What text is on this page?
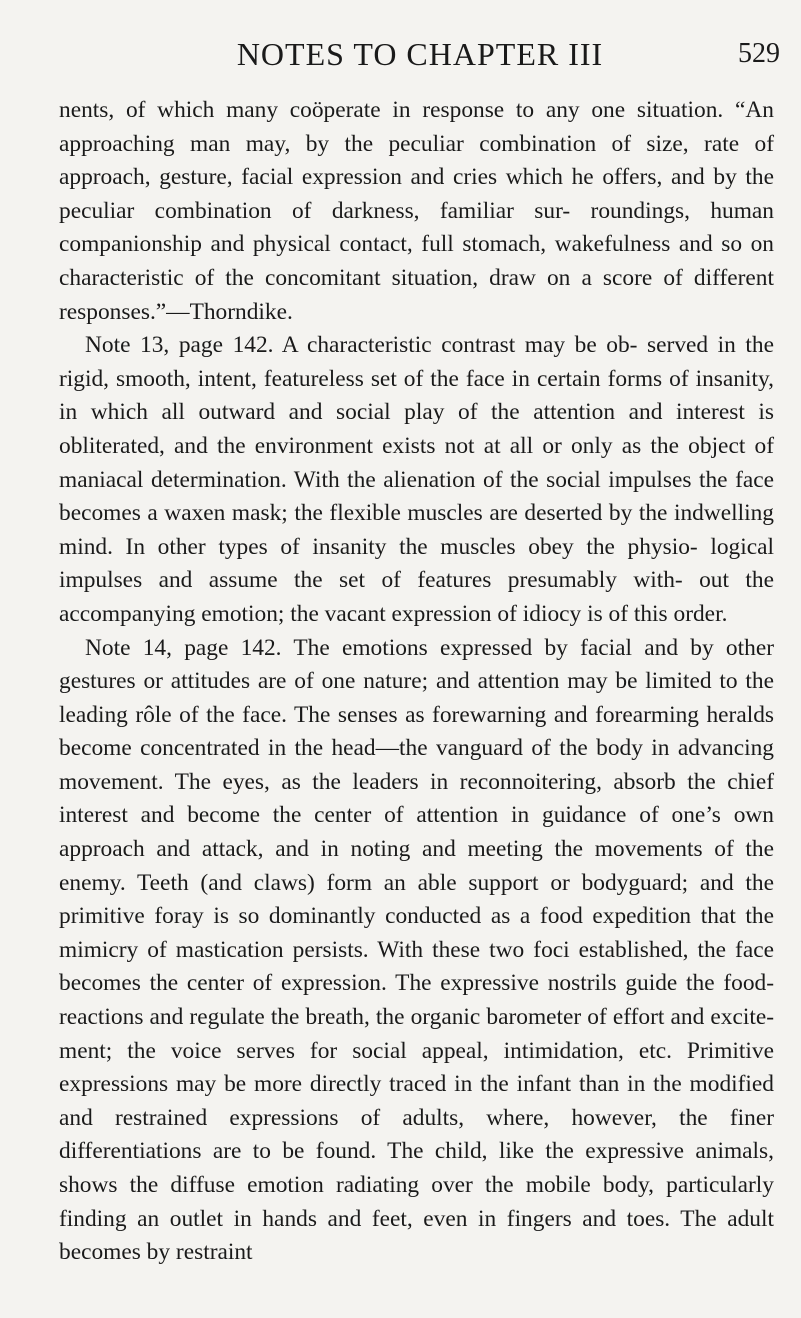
NOTES TO CHAPTER III	529

nents, of which many coöperate in response to any one situation. “An approaching man may, by the peculiar combination of size, rate of approach, gesture, facial expression and cries which he offers, and by the peculiar combination of darkness, familiar sur- roundings, human companionship and physical contact, full stomach, wakefulness and so on characteristic of the concomitant situation, draw on a score of different responses.”—Thorndike.

Note 13, page 142. A characteristic contrast may be ob- served in the rigid, smooth, intent, featureless set of the face in certain forms of insanity, in which all outward and social play of the attention and interest is obliterated, and the environment exists not at all or only as the object of maniacal determination. With the alienation of the social impulses the face becomes a waxen mask; the flexible muscles are deserted by the indwelling mind. In other types of insanity the muscles obey the physio- logical impulses and assume the set of features presumably with- out the accompanying emotion; the vacant expression of idiocy is of this order.

Note 14, page 142. The emotions expressed by facial and by other gestures or attitudes are of one nature; and attention may be limited to the leading rôle of the face. The senses as forewarning and forearming heralds become concentrated in the head—the vanguard of the body in advancing movement. The eyes, as the leaders in reconnoitering, absorb the chief interest and become the center of attention in guidance of one’s own approach and attack, and in noting and meeting the movements of the enemy. Teeth (and claws) form an able support or bodyguard; and the primitive foray is so dominantly conducted as a food expedition that the mimicry of mastication persists. With these two foci established, the face becomes the center of expression. The expressive nostrils guide the food-reactions and regulate the breath, the organic barometer of effort and excite- ment; the voice serves for social appeal, intimidation, etc. Primitive expressions may be more directly traced in the infant than in the modified and restrained expressions of adults, where, however, the finer differentiations are to be found. The child, like the expressive animals, shows the diffuse emotion radiating over the mobile body, particularly finding an outlet in hands and feet, even in fingers and toes. The adult becomes by restraint
